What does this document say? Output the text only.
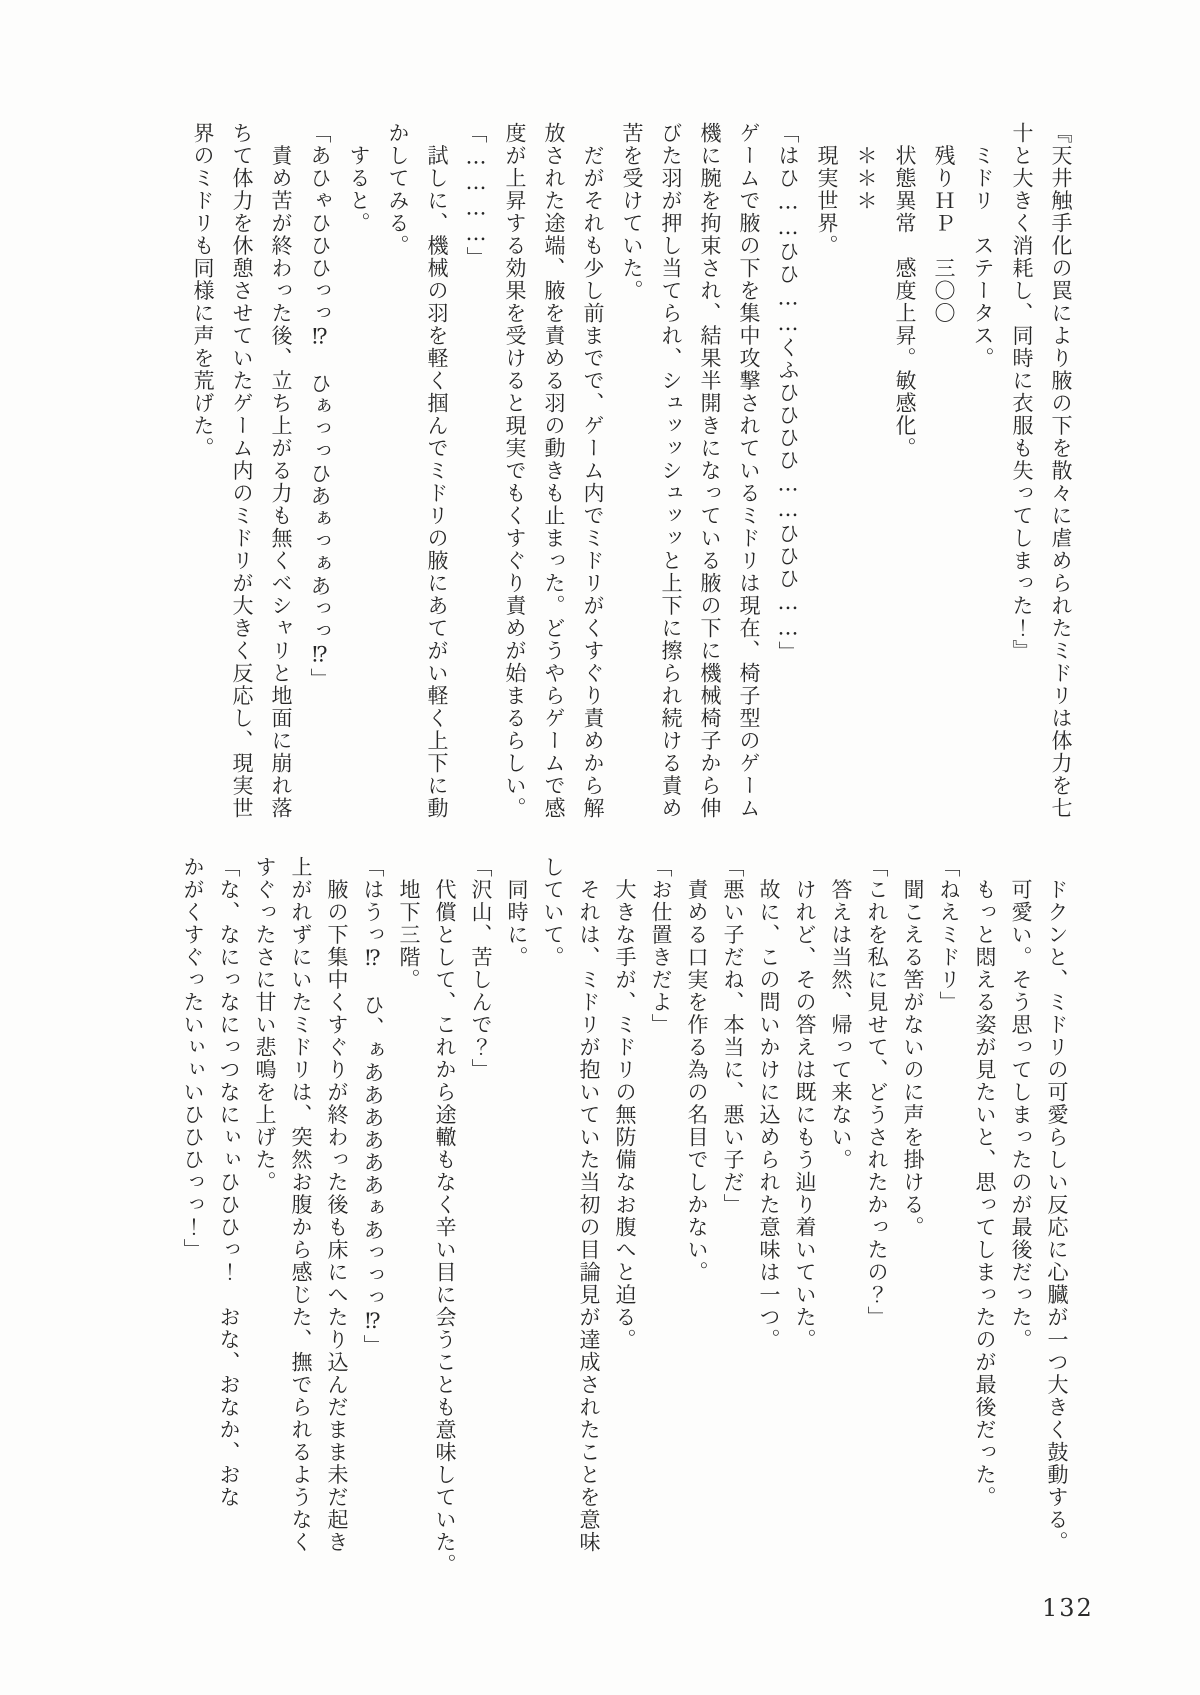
『天井触手化の罠により腋の下を散々に虐められたミドリは体力を七

十と大きく消耗し、同時に衣服も失ってしまった！』

　ミドリ　ステータス。

　残りＨＰ　三〇〇

　状態異常　感度上昇。敏感化。

　＊＊＊

　現実世界。

「はひ……ひひ……くふひひひひ……ひひひ……」

ゲームで腋の下を集中攻撃されているミドリは現在、椅子型のゲーム

機に腕を拘束され、結果半開きになっている腋の下に機械椅子から伸

びた羽が押し当てられ、シュッッシュッッと上下に擦られ続ける責め

苦を受けていた。

　だがそれも少し前までで、ゲーム内でミドリがくすぐり責めから解

放された途端、腋を責める羽の動きも止まった。どうやらゲームで感

度が上昇する効果を受けると現実でもくすぐり責めが始まるらしい。

「…………」

　試しに、機械の羽を軽く掴んでミドリの腋にあてがい軽く上下に動

かしてみる。

　すると。

「あひゃひひひっっ⁉　ひぁっっひあぁっぁあっっ⁉」

　責め苦が終わった後、立ち上がる力も無くベシャリと地面に崩れ落

ちて体力を休憩させていたゲーム内のミドリが大きく反応し、現実世

界のミドリも同様に声を荒げた。

　ドクンと、ミドリの可愛らしい反応に心臓が一つ大きく鼓動する。

　可愛い。そう思ってしまったのが最後だった。

　もっと悶える姿が見たいと、思ってしまったのが最後だった。

「ねえミドリ」

　聞こえる筈がないのに声を掛ける。

「これを私に見せて、どうされたかったの？」

　答えは当然、帰って来ない。

　けれど、その答えは既にもう辿り着いていた。

　故に、この問いかけに込められた意味は一つ。

「悪い子だね、本当に、悪い子だ」

　責める口実を作る為の名目でしかない。

「お仕置きだよ」

　大きな手が、ミドリの無防備なお腹へと迫る。

　それは、ミドリが抱いていた当初の目論見が達成されたことを意味

していて。

　同時に。

「沢山、苦しんで？」

　代償として、これから途轍もなく辛い目に会うことも意味していた。

　地下三階。

「はうっ⁉　ひ、ぁああああああぁあっっっ⁉」

　腋の下集中くすぐりが終わった後も床にへたり込んだまま未だ起き

上がれずにいたミドリは、突然お腹から感じた、撫でられるようなく

すぐったさに甘い悲鳴を上げた。

「な、なにっなにっつなにぃぃひひひっ！　おな、おなか、おな

かがくすぐったいぃぃいひひひっっ！」

132
